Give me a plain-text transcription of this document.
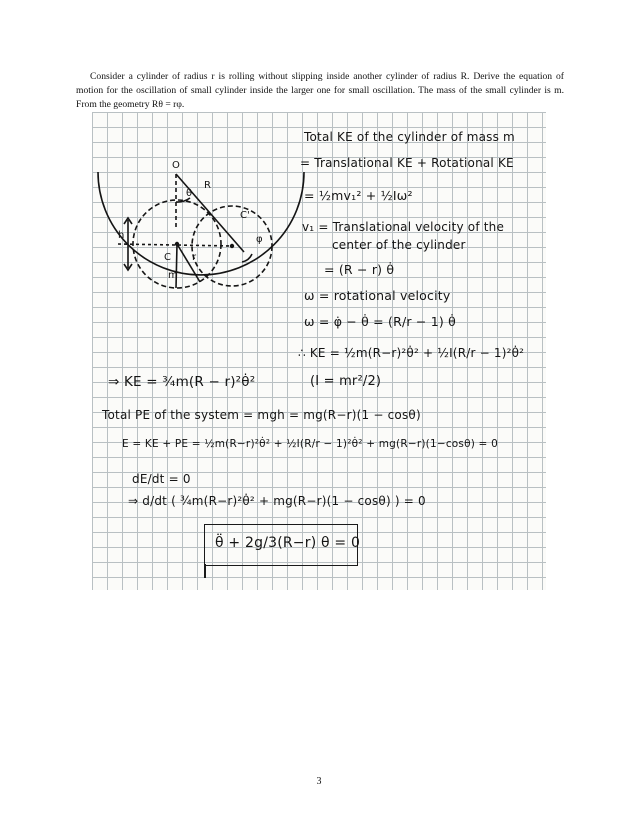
Consider a cylinder of radius r is rolling without slipping inside another cylinder of radius R. Derive the equation of motion for the oscillation of small cylinder inside the larger one for small oscillation. The mass of the small cylinder is m. From the geometry Rθ = rφ.

O
θ
R
C'
φ
h
C r
m
Total KE of the cylinder of mass m
= Translational KE + Rotational KE
= ½mv₁² + ½Iω²
v₁ = Translational velocity of the
center of the cylinder
= (R − r) θ̇
ω = rotational velocity
ω = φ̇ − θ̇ = (R/r − 1) θ̇
∴ KE = ½m(R−r)²θ̇² + ½I(R/r − 1)²θ̇²
⇒ KE = ¾m(R − r)²θ̇²	(I = mr²/2)
Total PE of the system = mgh = mg(R−r)(1 − cosθ)
E = KE + PE = ½m(R−r)²θ̇² + ½I(R/r − 1)²θ̇² + mg(R−r)(1−cosθ) = 0
dE/dt = 0
⇒ d/dt ( ¾m(R−r)²θ̇² + mg(R−r)(1 − cosθ) ) = 0
θ̈ + 2g/3(R−r) θ = 0
3
